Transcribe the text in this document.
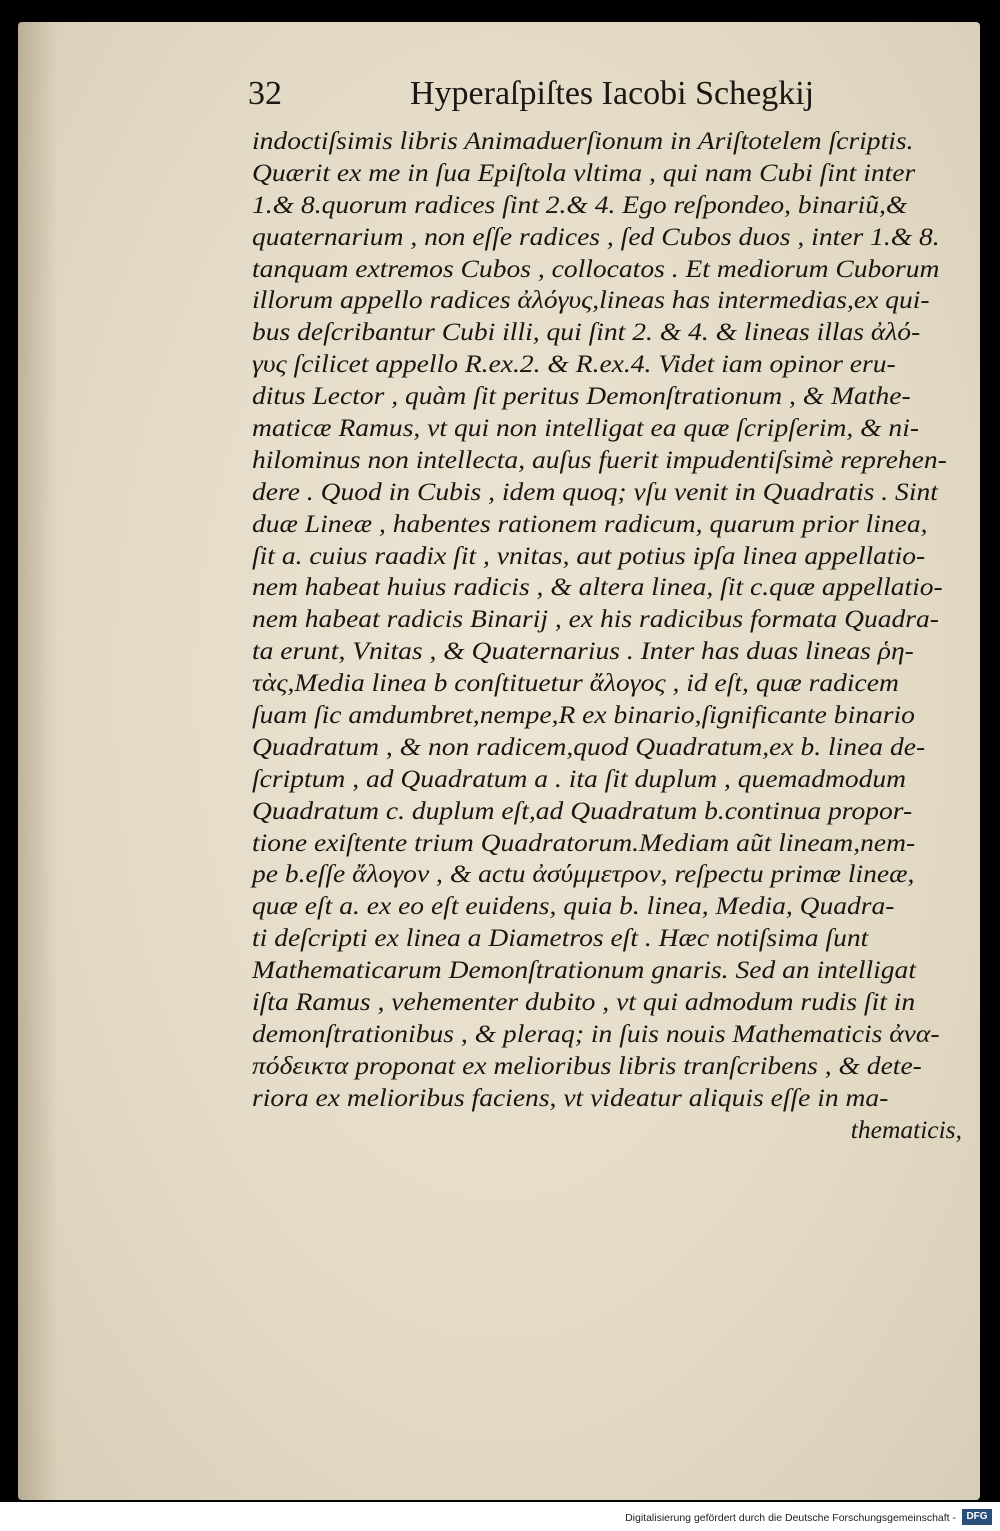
32	Hyperaſpiſtes Iacobi Schegkij
indoctiſsimis libris Animaduerſionum in Ariſtotelem ſcriptis.
Quærit ex me in ſua Epiſtola vltima , qui nam Cubi ſint inter
1.& 8.quorum radices ſint 2.& 4. Ego reſpondeo, binariũ,&
quaternarium , non eſſe radices , ſed Cubos duos , inter 1.& 8.
tanquam extremos Cubos , collocatos . Et mediorum Cuborum
illorum appello radices ἀλόγυς,lineas has intermedias,ex qui-
bus deſcribantur Cubi illi, qui ſint 2. & 4. & lineas illas ἀλό-
γυς ſcilicet appello R.ex.2. & R.ex.4. Videt iam opinor eru-
ditus Lector , quàm ſit peritus Demonſtrationum , & Mathe-
maticæ Ramus, vt qui non intelligat ea quæ ſcripſerim, & ni-
hilominus non intellecta, auſus fuerit impudentiſsimè reprehen-
dere . Quod in Cubis , idem quoq; vſu venit in Quadratis . Sint
duæ Lineæ , habentes rationem radicum, quarum prior linea,
ſit a. cuius raadix ſit , vnitas, aut potius ipſa linea appellatio-
nem habeat huius radicis , & altera linea, ſit c.quæ appellatio-
nem habeat radicis Binarij , ex his radicibus formata Quadra-
ta erunt, Vnitas , & Quaternarius . Inter has duas lineas ῥη-
τὰς,Media linea b conſtituetur ἄλογος , id eſt, quæ radicem
ſuam ſic amdumbret,nempe,R ex binario,ſignificante binario
Quadratum , & non radicem,quod Quadratum,ex b. linea de-
ſcriptum , ad Quadratum a . ita ſit duplum , quemadmodum
Quadratum c. duplum eſt,ad Quadratum b.continua propor-
tione exiſtente trium Quadratorum.Mediam aũt lineam,nem-
pe b.eſſe ἄλογον , & actu ἀσύμμετρον, reſpectu primæ lineæ,
quæ eſt a. ex eo eſt euidens, quia b. linea, Media, Quadra-
ti deſcripti ex linea a Diametros eſt . Hæc notiſsima ſunt
Mathematicarum Demonſtrationum gnaris. Sed an intelligat
iſta Ramus , vehementer dubito , vt qui admodum rudis ſit in
demonſtrationibus , & pleraq; in ſuis nouis Mathematicis ἀνα-
πόδεικτα proponat ex melioribus libris tranſcribens , & dete-
riora ex melioribus faciens, vt videatur aliquis eſſe in ma-
thematicis,
Digitalisierung gefördert durch die Deutsche Forschungsgemeinschaft -	DFG
